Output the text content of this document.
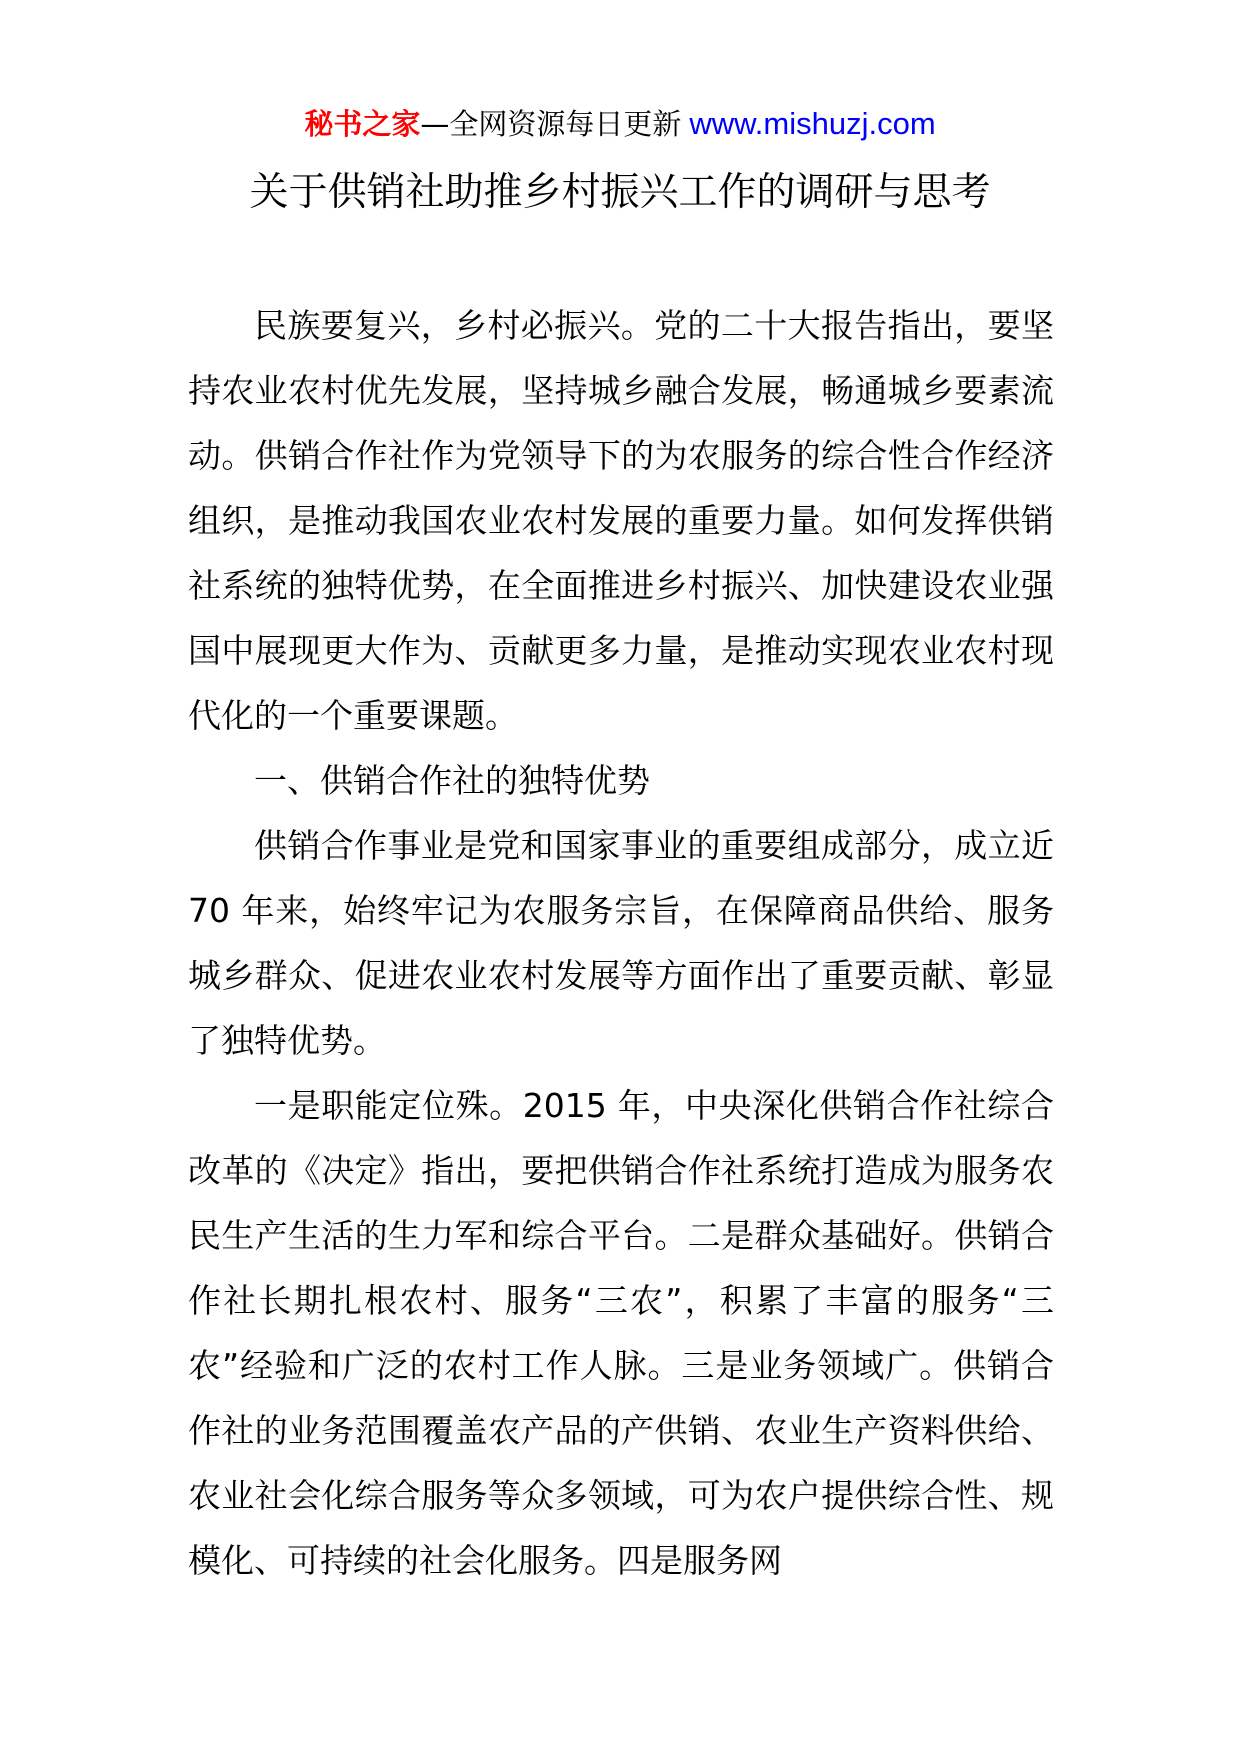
秘书之家—全网资源每日更新 www.mishuzj.com
关于供销社助推乡村振兴工作的调研与思考

民族要复兴，乡村必振兴。党的二十大报告指出，要坚持农业农村优先发展，坚持城乡融合发展，畅通城乡要素流动。供销合作社作为党领导下的为农服务的综合性合作经济组织，是推动我国农业农村发展的重要力量。如何发挥供销社系统的独特优势，在全面推进乡村振兴、加快建设农业强国中展现更大作为、贡献更多力量，是推动实现农业农村现代化的一个重要课题。

一、供销合作社的独特优势

供销合作事业是党和国家事业的重要组成部分，成立近 70 年来，始终牢记为农服务宗旨，在保障商品供给、服务城乡群众、促进农业农村发展等方面作出了重要贡献、彰显了独特优势。

一是职能定位殊。2015 年，中央深化供销合作社综合改革的《决定》指出，要把供销合作社系统打造成为服务农民生产生活的生力军和综合平台。二是群众基础好。供销合作社长期扎根农村、服务“三农”，积累了丰富的服务“三农”经验和广泛的农村工作人脉。三是业务领域广。供销合作社的业务范围覆盖农产品的产供销、农业生产资料供给、农业社会化综合服务等众多领域，可为农户提供综合性、规模化、可持续的社会化服务。四是服务网
